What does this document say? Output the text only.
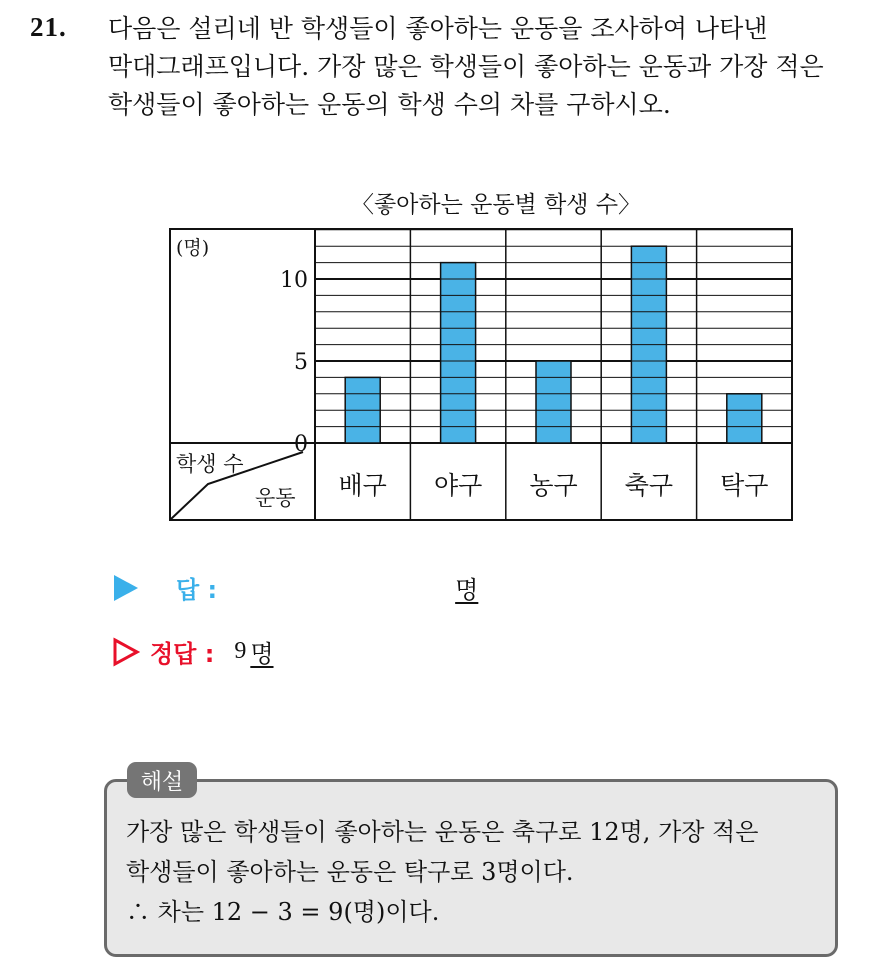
21. 다음은 설리네 반 학생들이 좋아하는 운동을 조사하여 나타낸
막대그래프입니다. 가장 많은 학생들이 좋아하는 운동과 가장 적은
학생들이 좋아하는 운동의 학생 수의 차를 구하시오.
〈좋아하는 운동별 학생 수〉
0
5
10
배구 야구 농구 축구 탁구
(명)
학생 수
운동
답 :	명
정답 : 9 명
해설
가장 많은 학생들이 좋아하는 운동은 축구로 12명, 가장 적은
학생들이 좋아하는 운동은 탁구로 3명이다.
∴ 차는 12 − 3 = 9(명)이다.
